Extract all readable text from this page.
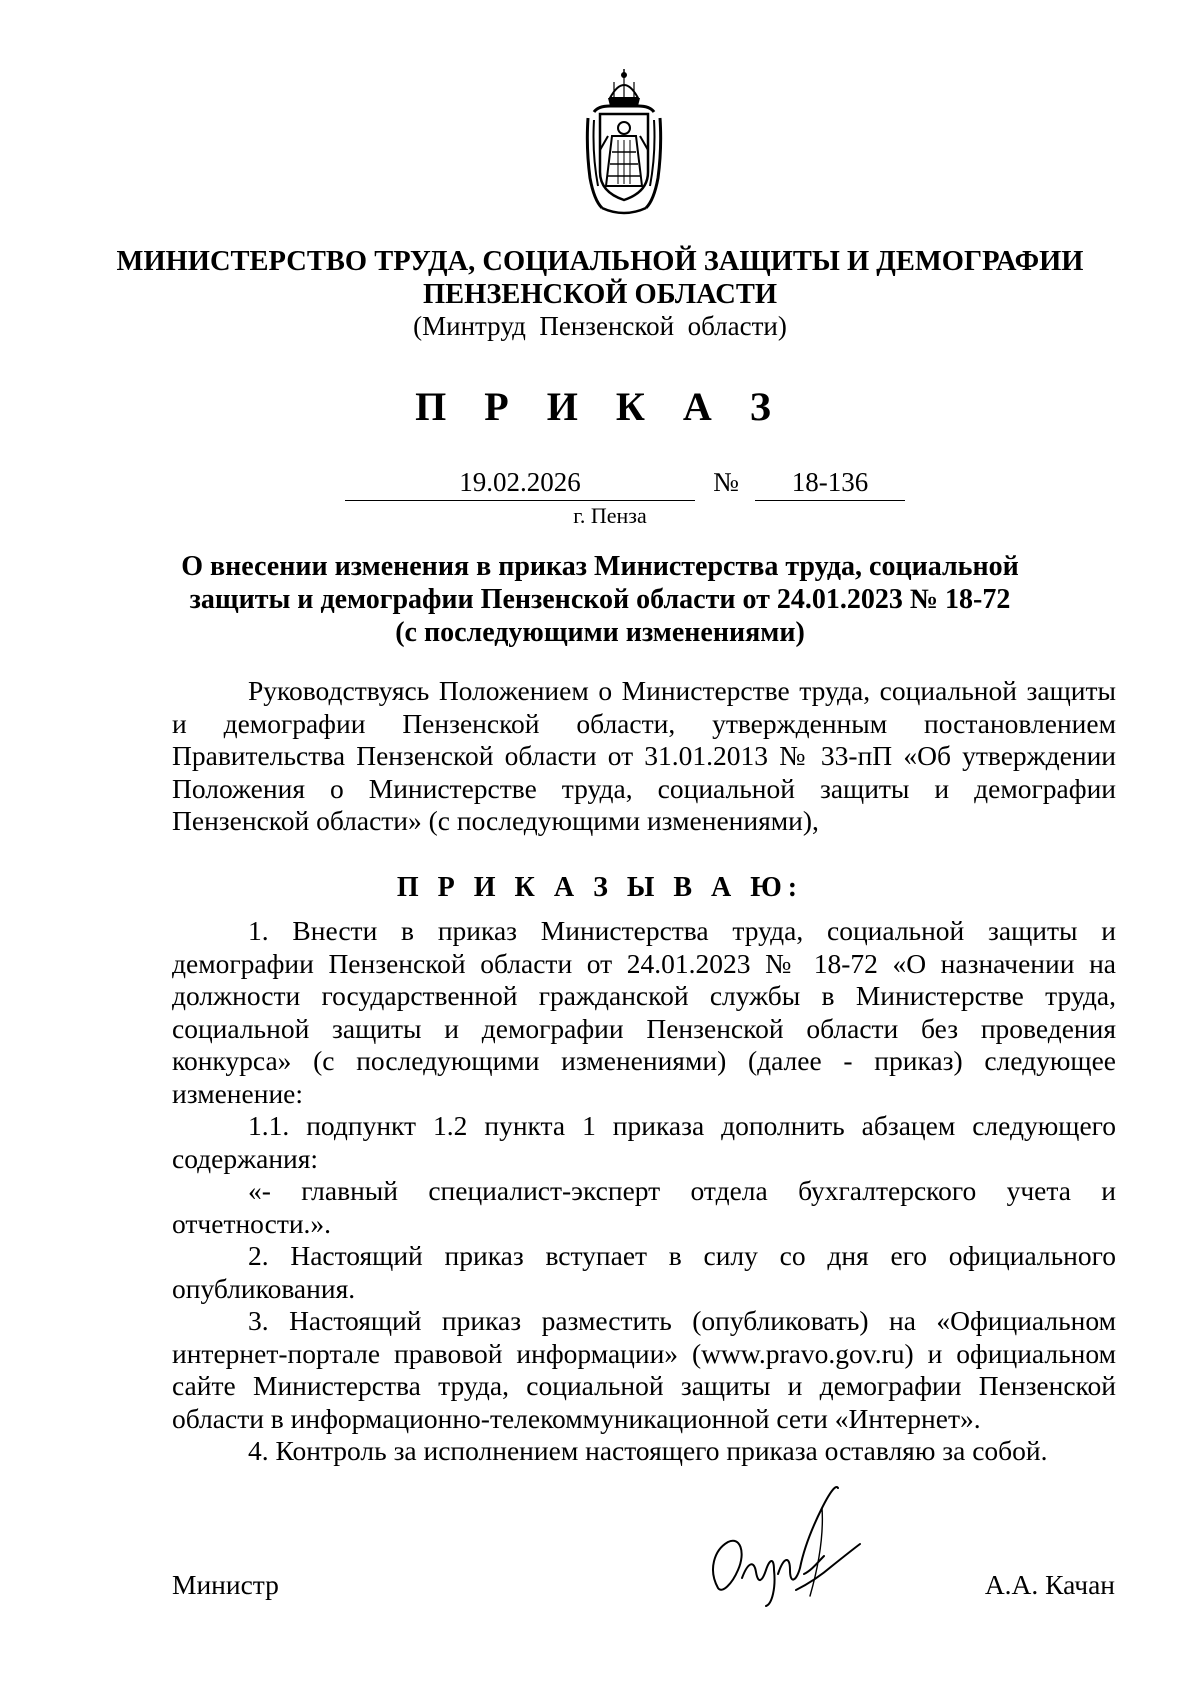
МИНИСТЕРСТВО ТРУДА, СОЦИАЛЬНОЙ ЗАЩИТЫ И ДЕМОГРАФИИ
ПЕНЗЕНСКОЙ ОБЛАСТИ
(Минтруд  Пензенской  области)
П Р И К А З
19.02.2026	№	18-136
г. Пенза
О внесении изменения в приказ Министерства труда, социальной
защиты и демографии Пензенской области от 24.01.2023 № 18-72
(с последующими изменениями)

Руководствуясь Положением о Министерстве труда, социальной защиты и демографии Пензенской области, утвержденным постановлением Правительства Пензенской области от 31.01.2013 № 33-пП «Об утверждении Положения о Министерстве труда, социальной защиты и демографии Пензенской области» (с последующими изменениями),

П Р И К А З Ы В А Ю:

1. Внести в приказ Министерства труда, социальной защиты и демографии Пензенской области от 24.01.2023 № 18-72 «О назначении на должности государственной гражданской службы в Министерстве труда, социальной защиты и демографии Пензенской области без проведения конкурса» (с последующими изменениями) (далее - приказ) следующее изменение:

1.1. подпункт 1.2 пункта 1 приказа дополнить абзацем следующего содержания:

«- главный специалист-эксперт отдела бухгалтерского учета и отчетности.».

2. Настоящий приказ вступает в силу со дня его официального опубликования.

3. Настоящий приказ разместить (опубликовать) на «Официальном интернет-портале правовой информации» (www.pravo.gov.ru) и официальном сайте Министерства труда, социальной защиты и демографии Пензенской области в информационно-телекоммуникационной сети «Интернет».

4. Контроль за исполнением настоящего приказа оставляю за собой.

Министр	А.А. Качан
